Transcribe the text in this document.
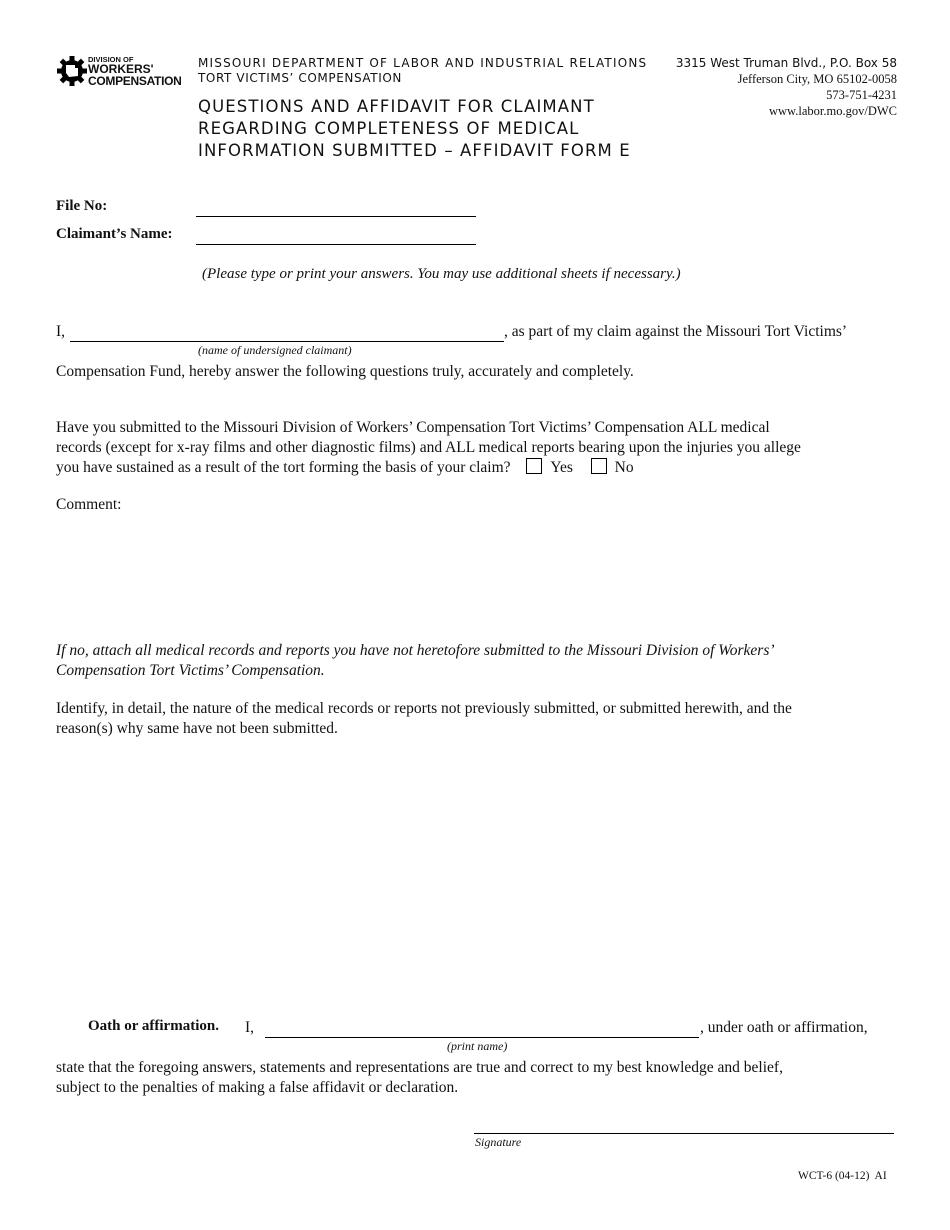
DIVISION OF
WORKERS'
COMPENSATION
MISSOURI DEPARTMENT OF LABOR AND INDUSTRIAL RELATIONS
TORT VICTIMS’ COMPENSATION
QUESTIONS AND AFFIDAVIT FOR CLAIMANT
REGARDING COMPLETENESS OF MEDICAL
INFORMATION SUBMITTED – AFFIDAVIT FORM E
3315 West Truman Blvd., P.O. Box 58
Jefferson City, MO 65102-0058
573-751-4231
www.labor.mo.gov/DWC
File No:
Claimant’s Name:
(Please type or print your answers. You may use additional sheets if necessary.)
I,	, as part of my claim against the Missouri Tort Victims’
(name of undersigned claimant)
Compensation Fund, hereby answer the following questions truly, accurately and completely.
Have you submitted to the Missouri Division of Workers’ Compensation Tort Victims’ Compensation ALL medical
records (except for x-ray films and other diagnostic films) and ALL medical reports bearing upon the injuries you allege
you have sustained as a result of the tort forming the basis of your claim?	Yes	No
Comment:
If no, attach all medical records and reports you have not heretofore submitted to the Missouri Division of Workers’
Compensation Tort Victims’ Compensation.
Identify, in detail, the nature of the medical records or reports not previously submitted, or submitted herewith, and the
reason(s) why same have not been submitted.
Oath or affirmation. I,	, under oath or affirmation,
(print name)
state that the foregoing answers, statements and representations are true and correct to my best knowledge and belief,
subject to the penalties of making a false affidavit or declaration.
Signature
WCT-6 (04-12)  AI
